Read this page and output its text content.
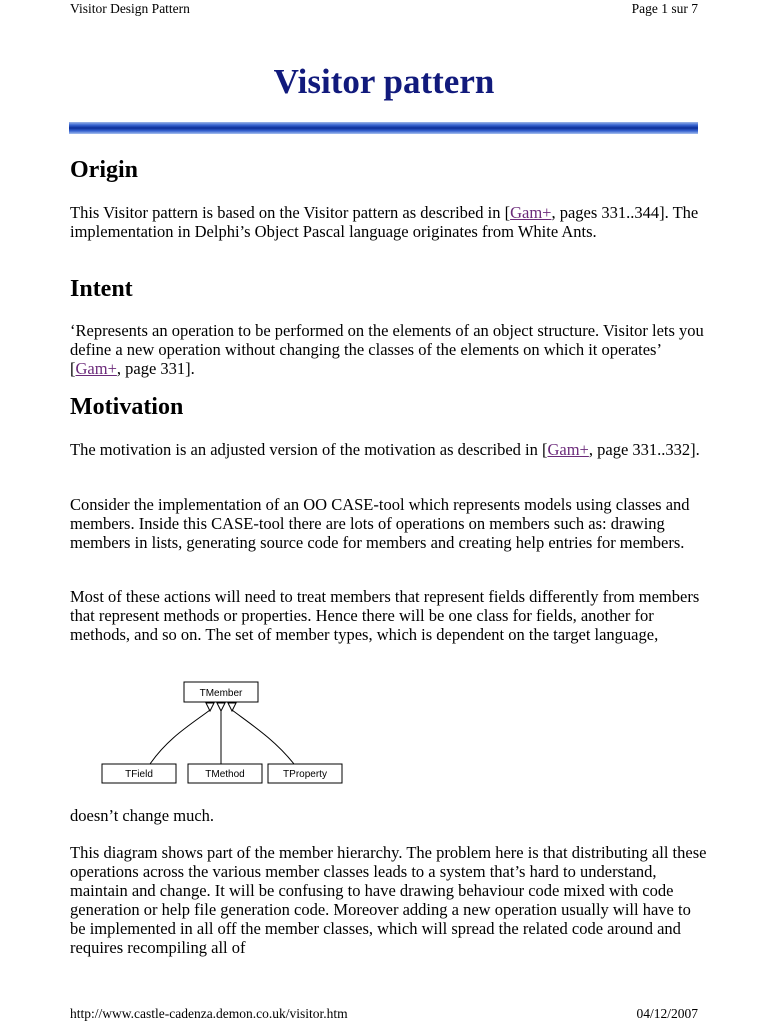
Visitor Design Pattern	Page 1 sur 7
Visitor pattern
Origin

This Visitor pattern is based on the Visitor pattern as described in [Gam+, pages 331..344]. The implementation in Delphi’s Object Pascal language originates from White Ants.

Intent

‘Represents an operation to be performed on the elements of an object structure. Visitor lets you define a new operation without changing the classes of the elements on which it operates’ [Gam+, page 331].

Motivation

The motivation is an adjusted version of the motivation as described in [Gam+, page 331..332].

Consider the implementation of an OO CASE-tool which represents models using classes and members. Inside this CASE-tool there are lots of operations on members such as: drawing members in lists, generating source code for members and creating help entries for members.

Most of these actions will need to treat members that represent fields differently from members that represent methods or properties. Hence there will be one class for fields, another for methods, and so on. The set of member types, which is dependent on the target language,

TMember
TField	TMethod	TProperty

doesn’t change much.

This diagram shows part of the member hierarchy. The problem here is that distributing all these operations across the various member classes leads to a system that’s hard to understand, maintain and change. It will be confusing to have drawing behaviour code mixed with code generation or help file generation code. Moreover adding a new operation usually will have to be implemented in all off the member classes, which will spread the related code around and requires recompiling all of

http://www.castle-cadenza.demon.co.uk/visitor.htm	04/12/2007
